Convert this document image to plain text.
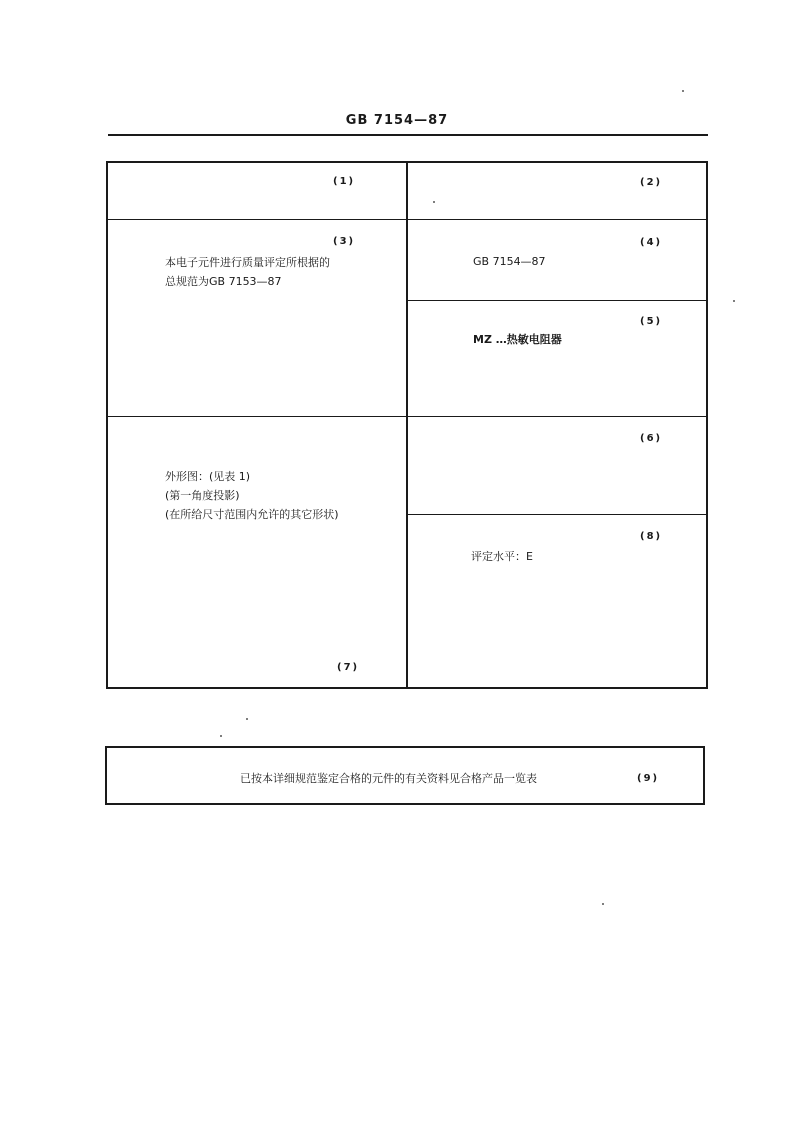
GB 7154—87
(1)	(2)
(3)
本电子元件进行质量评定所根据的
总规范为GB 7153—87
(4)
GB 7154—87
(5)
MZ …热敏电阻器
(6)
外形图：(见表 1)
(第一角度投影)
(在所给尺寸范围内允许的其它形状)
(7)
(8)
评定水平：E
已按本详细规范鉴定合格的元件的有关资料见合格产品一览表	(9)
